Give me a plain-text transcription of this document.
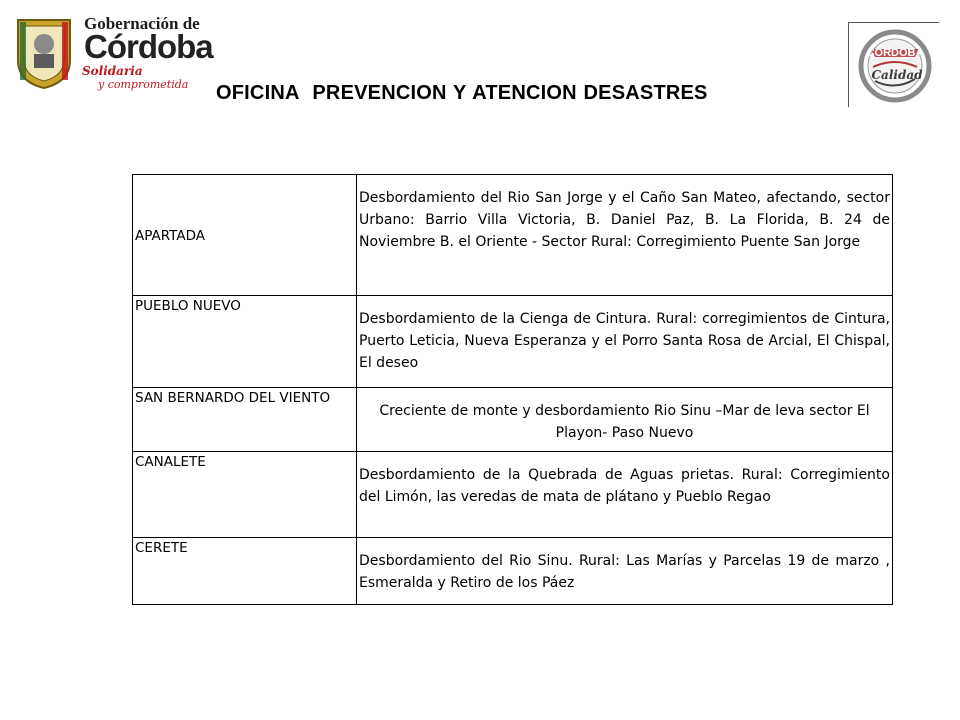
Gobernación de
Córdoba
Solidaria
y comprometida OFICINA  PREVENCION Y ATENCION DESASTRES
CÓRDOBA
Calidad
APARTADA	Desbordamiento del Rio San Jorge y el Caño San Mateo, afectando, sector Urbano: Barrio Villa Victoria, B. Daniel Paz, B. La Florida, B. 24 de Noviembre B. el Oriente - Sector Rural: Corregimiento Puente San Jorge
PUEBLO NUEVO	Desbordamiento de la Cienga de Cintura. Rural: corregimientos de Cintura, Puerto Leticia, Nueva Esperanza y el Porro Santa Rosa de Arcial, El Chispal, El deseo
SAN BERNARDO DEL VIENTO	Creciente de monte y desbordamiento Rio Sinu –Mar de leva sector El Playon- Paso Nuevo
CANALETE	Desbordamiento de la Quebrada de Aguas prietas. Rural: Corregimiento del Limón, las veredas de mata de plátano y Pueblo Regao
CERETE	Desbordamiento del Rio Sinu. Rural: Las Marías y Parcelas 19 de marzo , Esmeralda y Retiro de los Páez
